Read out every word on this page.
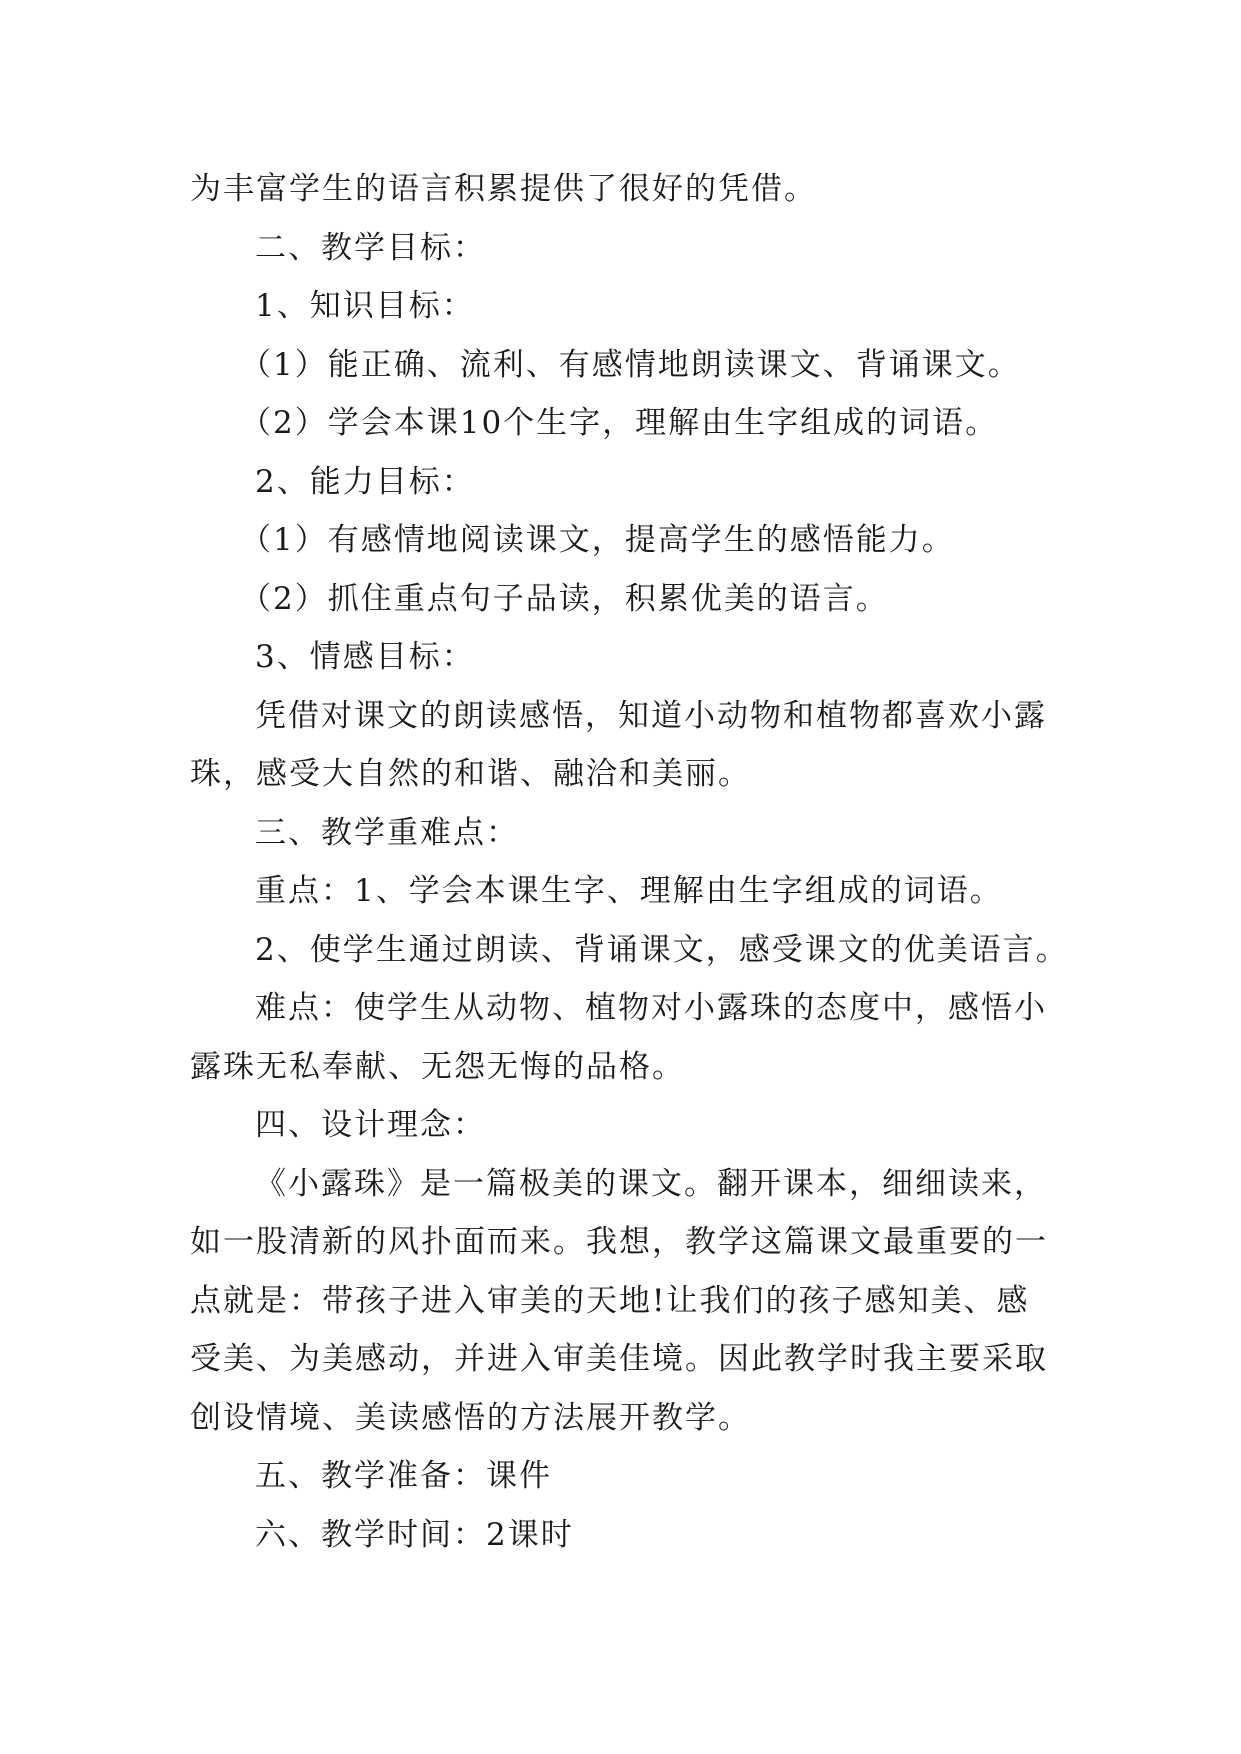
为丰富学生的语言积累提供了很好的凭借。
二、教学目标：
1、知识目标：
（1）能正确、流利、有感情地朗读课文、背诵课文。
（2）学会本课10个生字，理解由生字组成的词语。
2、能力目标：
（1）有感情地阅读课文，提高学生的感悟能力。
（2）抓住重点句子品读，积累优美的语言。
3、情感目标：
凭借对课文的朗读感悟，知道小动物和植物都喜欢小露
珠，感受大自然的和谐、融洽和美丽。
三、教学重难点：
重点：1、学会本课生字、理解由生字组成的词语。
2、使学生通过朗读、背诵课文，感受课文的优美语言。
难点：使学生从动物、植物对小露珠的态度中，感悟小
露珠无私奉献、无怨无悔的品格。
四、设计理念：
《小露珠》是一篇极美的课文。翻开课本，细细读来，
如一股清新的风扑面而来。我想，教学这篇课文最重要的一
点就是：带孩子进入审美的天地!让我们的孩子感知美、感
受美、为美感动，并进入审美佳境。因此教学时我主要采取
创设情境、美读感悟的方法展开教学。
五、教学准备：课件
六、教学时间：2课时
